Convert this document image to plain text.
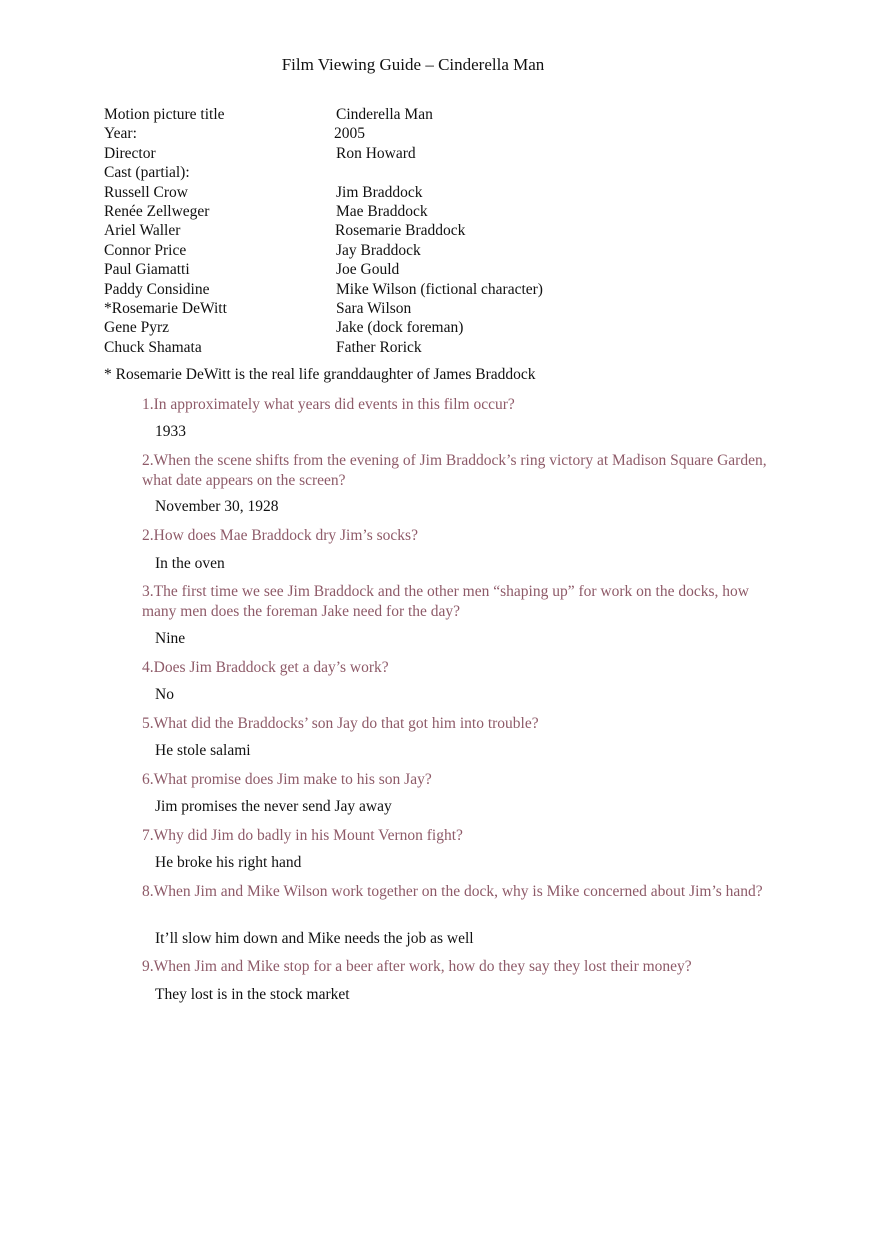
Film Viewing Guide – Cinderella Man
Motion picture title	Cinderella Man
Year:	2005
Director	Ron Howard
Cast (partial):
Russell Crow	Jim Braddock
Renée Zellweger	Mae Braddock
Ariel Waller	Rosemarie Braddock
Connor Price	Jay Braddock
Paul Giamatti	Joe Gould
Paddy Considine	Mike Wilson (fictional character)
*Rosemarie DeWitt	Sara Wilson
Gene Pyrz	Jake (dock foreman)
Chuck Shamata	Father Rorick
* Rosemarie DeWitt is the real life granddaughter of James Braddock

1.In approximately what years did events in this film occur?

1933

2.When the scene shifts from the evening of Jim Braddock’s ring victory at Madison Square Garden, what date appears on the screen?

November 30, 1928

2.How does Mae Braddock dry Jim’s socks?

In the oven

3.The first time we see Jim Braddock and the other men “shaping up” for work on the docks, how many men does the foreman Jake need for the day?

Nine

4.Does Jim Braddock get a day’s work?

No

5.What did the Braddocks’ son Jay do that got him into trouble?

He stole salami

6.What promise does Jim make to his son Jay?

Jim promises the never send Jay away

7.Why did Jim do badly in his Mount Vernon fight?

He broke his right hand

8.When Jim and Mike Wilson work together on the dock, why is Mike concerned about Jim’s hand?

It’ll slow him down and Mike needs the job as well

9.When Jim and Mike stop for a beer after work, how do they say they lost their money?

They lost is in the stock market
